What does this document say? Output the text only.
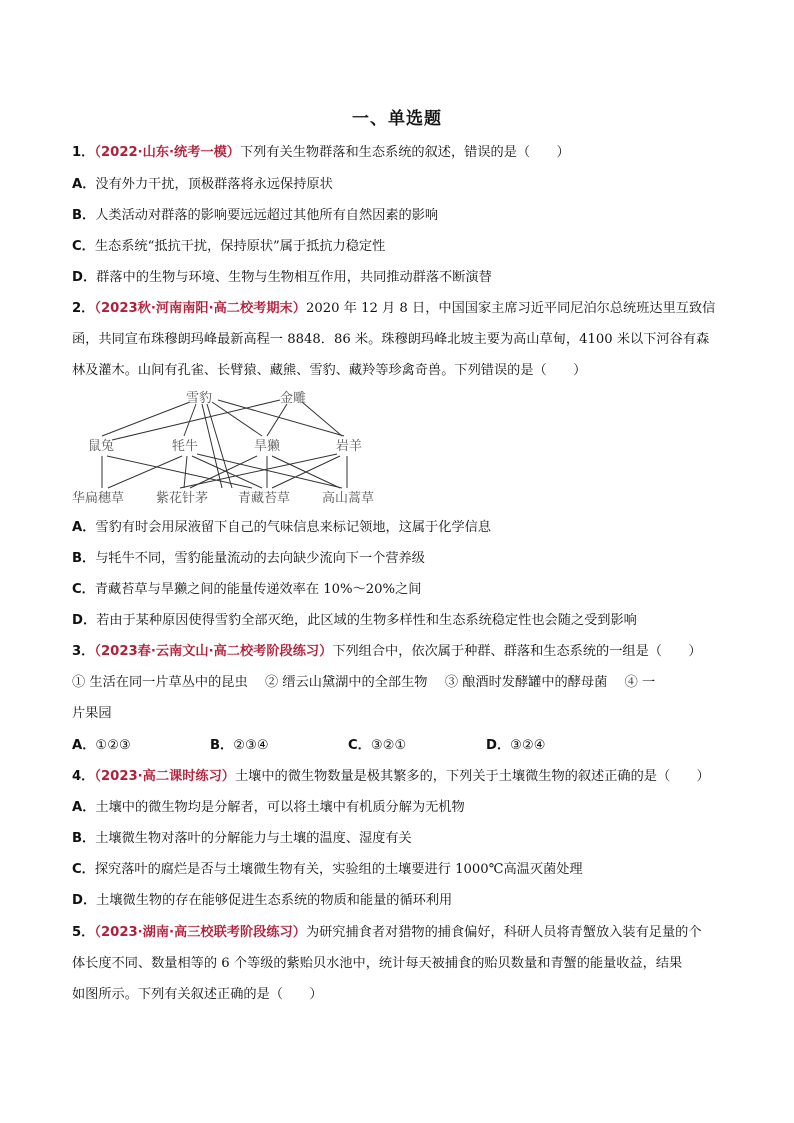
一、单选题
1．（2022·山东·统考一模）下列有关生物群落和生态系统的叙述，错误的是（　　）
A．没有外力干扰，顶极群落将永远保持原状
B．人类活动对群落的影响要远远超过其他所有自然因素的影响
C．生态系统“抵抗干扰，保持原状”属于抵抗力稳定性
D．群落中的生物与环境、生物与生物相互作用，共同推动群落不断演替
2．（2023秋·河南南阳·高二校考期末）2020 年 12 月 8 日，中国国家主席习近平同尼泊尔总统班达里互致信
函，共同宣布珠穆朗玛峰最新高程一 8848．86 米。珠穆朗玛峰北坡主要为高山草甸，4100 米以下河谷有森
林及灌木。山间有孔雀、长臂猿、藏熊、雪豹、藏羚等珍禽奇兽。下列错误的是（　　）
雪豹	金雕
鼠兔	牦牛	旱獭	岩羊
华扁穗草 紫花针茅 青藏苔草 高山蒿草
A．雪豹有时会用尿液留下自己的气味信息来标记领地，这属于化学信息
B．与牦牛不同，雪豹能量流动的去向缺少流向下一个营养级
C．青藏苔草与旱獭之间的能量传递效率在 10%～20%之间
D．若由于某种原因使得雪豹全部灭绝，此区域的生物多样性和生态系统稳定性也会随之受到影响
3．（2023春·云南文山·高二校考阶段练习）下列组合中，依次属于种群、群落和生态系统的一组是（　　）
① 生活在同一片草丛中的昆虫　 ② 缙云山黛湖中的全部生物　 ③ 酿酒时发酵罐中的酵母菌　 ④ 一
片果园
A．①②③	B．②③④	C．③②①	D．③②④
4．（2023·高二课时练习）土壤中的微生物数量是极其繁多的，下列关于土壤微生物的叙述正确的是（　　）
A．土壤中的微生物均是分解者，可以将土壤中有机质分解为无机物
B．土壤微生物对落叶的分解能力与土壤的温度、湿度有关
C．探究落叶的腐烂是否与土壤微生物有关，实验组的土壤要进行 1000℃高温灭菌处理
D．土壤微生物的存在能够促进生态系统的物质和能量的循环利用
5．（2023·湖南·高三校联考阶段练习）为研究捕食者对猎物的捕食偏好，科研人员将青蟹放入装有足量的个
体长度不同、数量相等的 6 个等级的紫贻贝水池中，统计每天被捕食的贻贝数量和青蟹的能量收益，结果
如图所示。下列有关叙述正确的是（　　）
